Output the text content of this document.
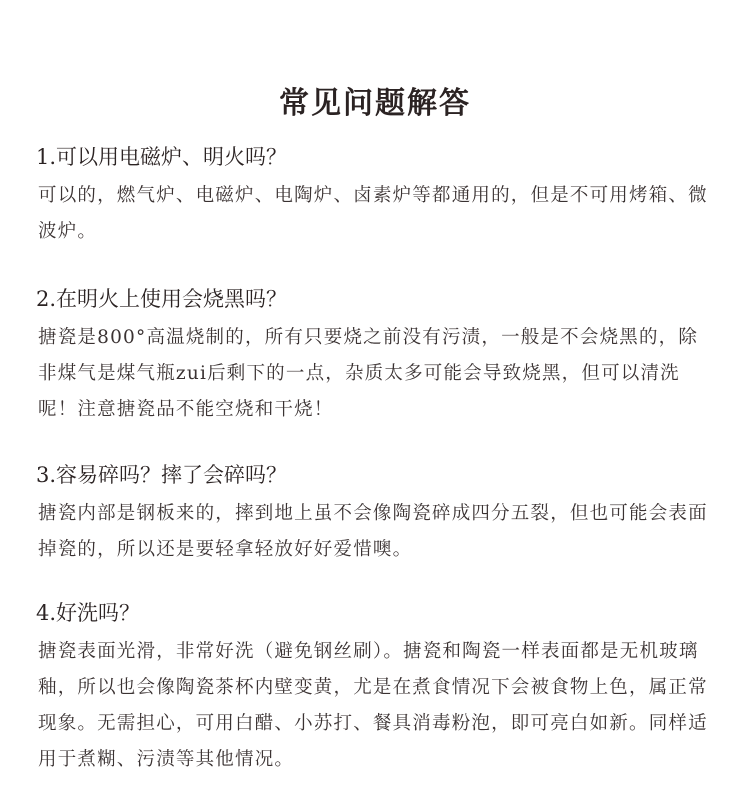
常见问题解答

1.可以用电磁炉、明火吗？

可以的，燃气炉、电磁炉、电陶炉、卤素炉等都通用的，但是不可用烤箱、微波炉。

2.在明火上使用会烧黑吗？

搪瓷是800°高温烧制的，所有只要烧之前没有污渍，一般是不会烧黑的，除非煤气是煤气瓶zui后剩下的一点，杂质太多可能会导致烧黑，但可以清洗呢！注意搪瓷品不能空烧和干烧！

3.容易碎吗？摔了会碎吗？

搪瓷内部是钢板来的，摔到地上虽不会像陶瓷碎成四分五裂，但也可能会表面掉瓷的，所以还是要轻拿轻放好好爱惜噢。

4.好洗吗？

搪瓷表面光滑，非常好洗（避免钢丝刷）。搪瓷和陶瓷一样表面都是无机玻璃釉，所以也会像陶瓷茶杯内壁变黄，尤是在煮食情况下会被食物上色，属正常现象。无需担心，可用白醋、小苏打、餐具消毒粉泡，即可亮白如新。同样适用于煮糊、污渍等其他情况。
